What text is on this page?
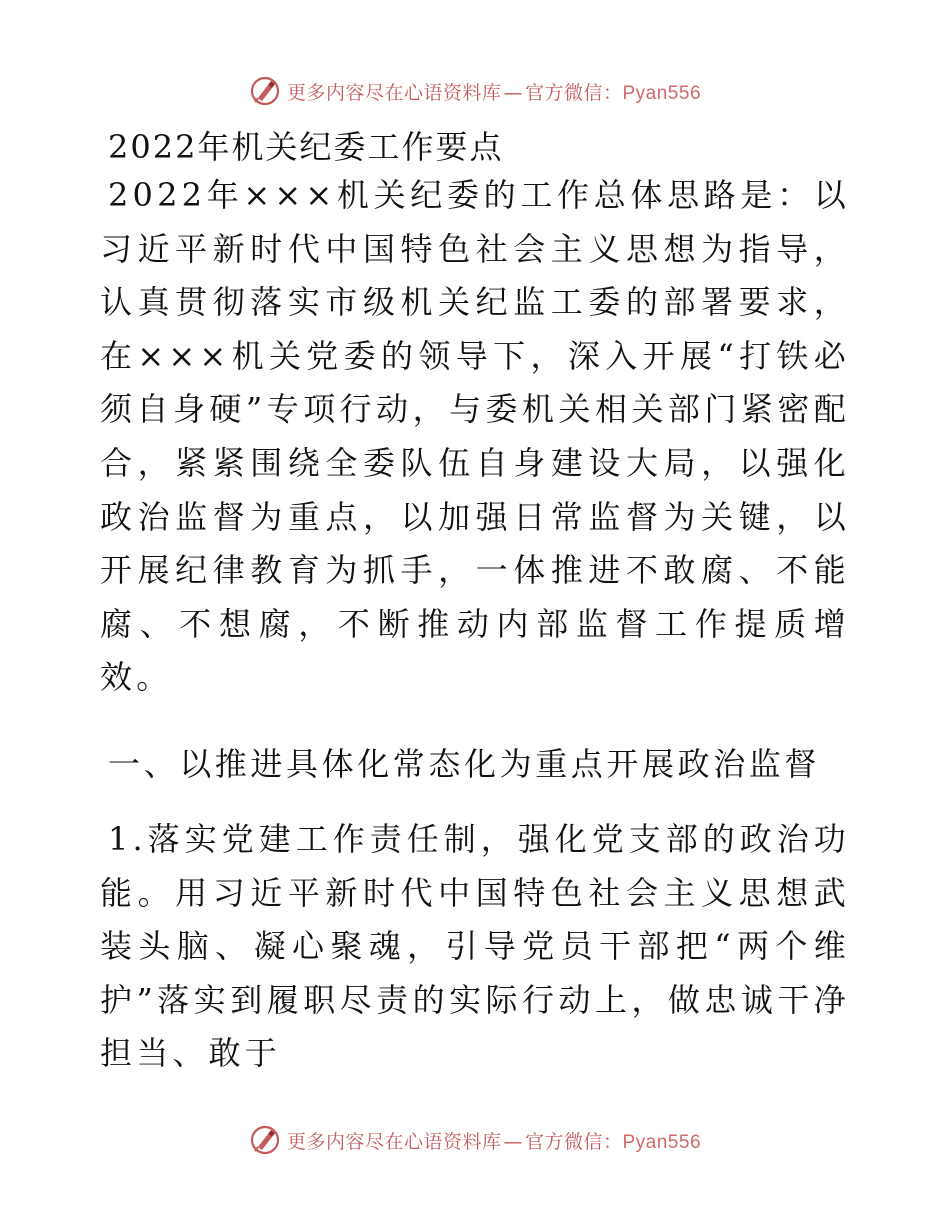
更多内容尽在心语资料库 — 官方微信：Pyan556
2022年机关纪委工作要点
2022年×××机关纪委的工作总体思路是：以习近平新时代中国特色社会主义思想为指导，认真贯彻落实市级机关纪监工委的部署要求，在×××机关党委的领导下，深入开展“打铁必须自身硬”专项行动，与委机关相关部门紧密配合，紧紧围绕全委队伍自身建设大局，以强化政治监督为重点，以加强日常监督为关键，以开展纪律教育为抓手，一体推进不敢腐、不能腐、不想腐，不断推动内部监督工作提质增效。
一、以推进具体化常态化为重点开展政治监督
1.落实党建工作责任制，强化党支部的政治功能。用习近平新时代中国特色社会主义思想武装头脑、凝心聚魂，引导党员干部把“两个维护”落实到履职尽责的实际行动上，做忠诚干净担当、敢于
更多内容尽在心语资料库 — 官方微信：Pyan556
